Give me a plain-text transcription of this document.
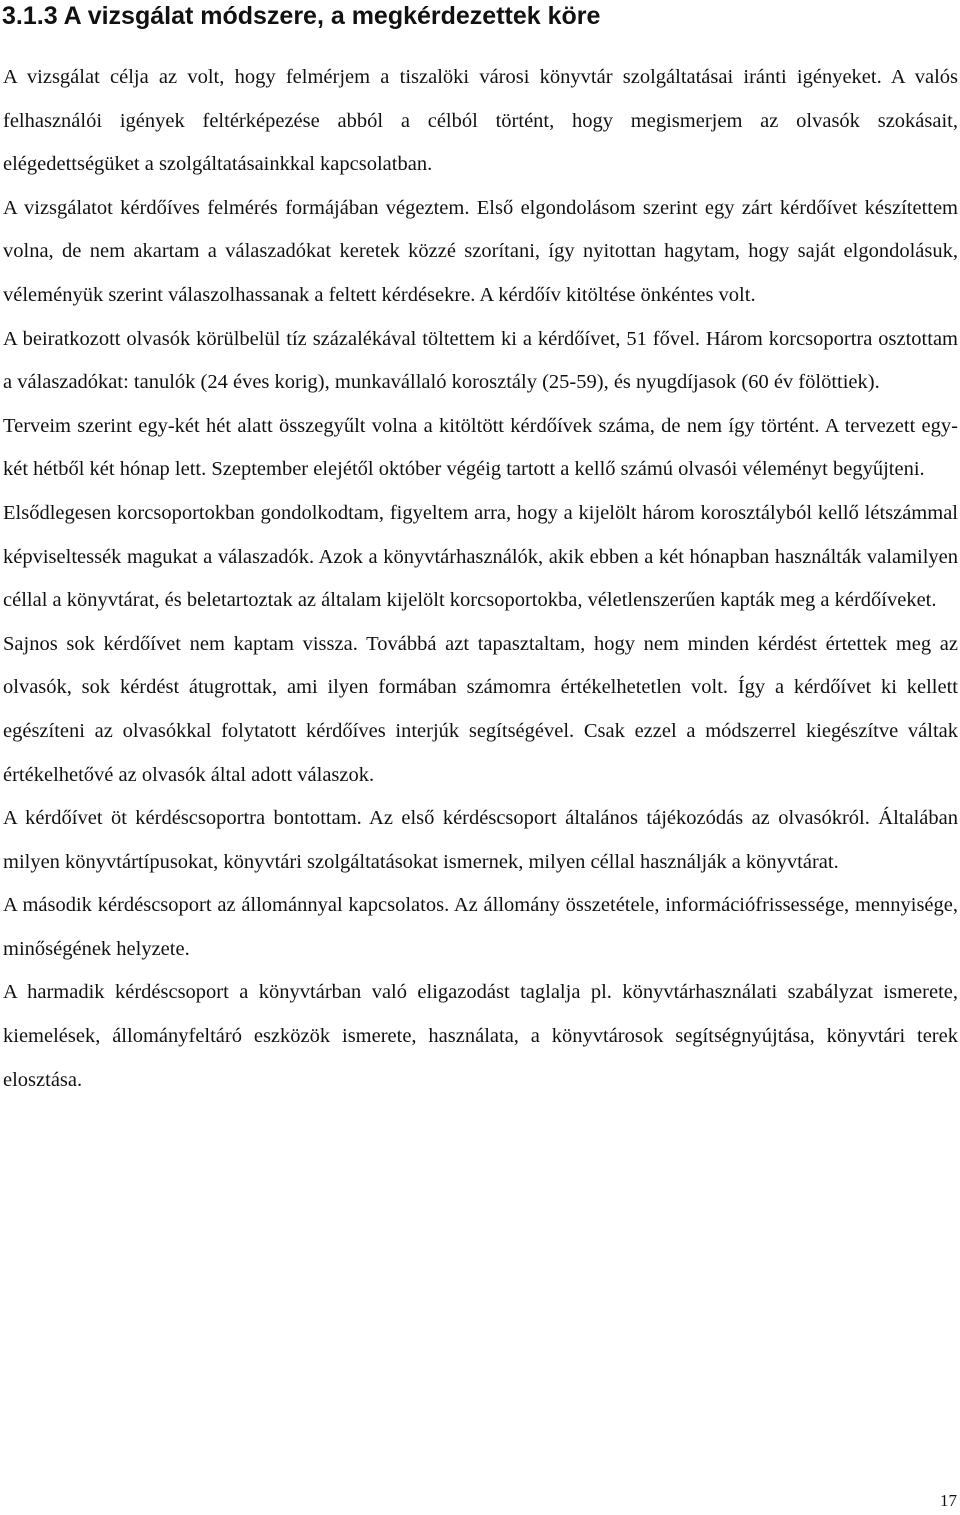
3.1.3 A vizsgálat módszere, a megkérdezettek köre

A vizsgálat célja az volt, hogy felmérjem a tiszalöki városi könyvtár szolgáltatásai iránti igényeket. A valós felhasználói igények feltérképezése abból a célból történt, hogy megismerjem az olvasók szokásait, elégedettségüket a szolgáltatásainkkal kapcsolatban.

A vizsgálatot kérdőíves felmérés formájában végeztem. Első elgondolásom szerint egy zárt kérdőívet készítettem volna, de nem akartam a válaszadókat keretek közzé szorítani, így nyitottan hagytam, hogy saját elgondolásuk, véleményük szerint válaszolhassanak a feltett kérdésekre. A kérdőív kitöltése önkéntes volt.

A beiratkozott olvasók körülbelül tíz százalékával töltettem ki a kérdőívet, 51 fővel. Három korcsoportra osztottam a válaszadókat: tanulók (24 éves korig), munkavállaló korosztály (25-59), és nyugdíjasok (60 év fölöttiek).

Terveim szerint egy-két hét alatt összegyűlt volna a kitöltött kérdőívek száma, de nem így történt. A tervezett egy-két hétből két hónap lett. Szeptember elejétől október végéig tartott a kellő számú olvasói véleményt begyűjteni.

Elsődlegesen korcsoportokban gondolkodtam, figyeltem arra, hogy a kijelölt három korosztályból kellő létszámmal képviseltessék magukat a válaszadók. Azok a könyvtárhasználók, akik ebben a két hónapban használták valamilyen céllal a könyvtárat, és beletartoztak az általam kijelölt korcsoportokba, véletlenszerűen kapták meg a kérdőíveket.

Sajnos sok kérdőívet nem kaptam vissza. Továbbá azt tapasztaltam, hogy nem minden kérdést értettek meg az olvasók, sok kérdést átugrottak, ami ilyen formában számomra értékelhetetlen volt. Így a kérdőívet ki kellett egészíteni az olvasókkal folytatott kérdőíves interjúk segítségével. Csak ezzel a módszerrel kiegészítve váltak értékelhetővé az olvasók által adott válaszok.

A kérdőívet öt kérdéscsoportra bontottam. Az első kérdéscsoport általános tájékozódás az olvasókról. Általában milyen könyvtártípusokat, könyvtári szolgáltatásokat ismernek, milyen céllal használják a könyvtárat.

A második kérdéscsoport az állománnyal kapcsolatos. Az állomány összetétele, információfrissessége, mennyisége, minőségének helyzete.

A harmadik kérdéscsoport a könyvtárban való eligazodást taglalja pl. könyvtárhasználati szabályzat ismerete, kiemelések, állományfeltáró eszközök ismerete, használata, a könyvtárosok segítségnyújtása, könyvtári terek elosztása.

17
